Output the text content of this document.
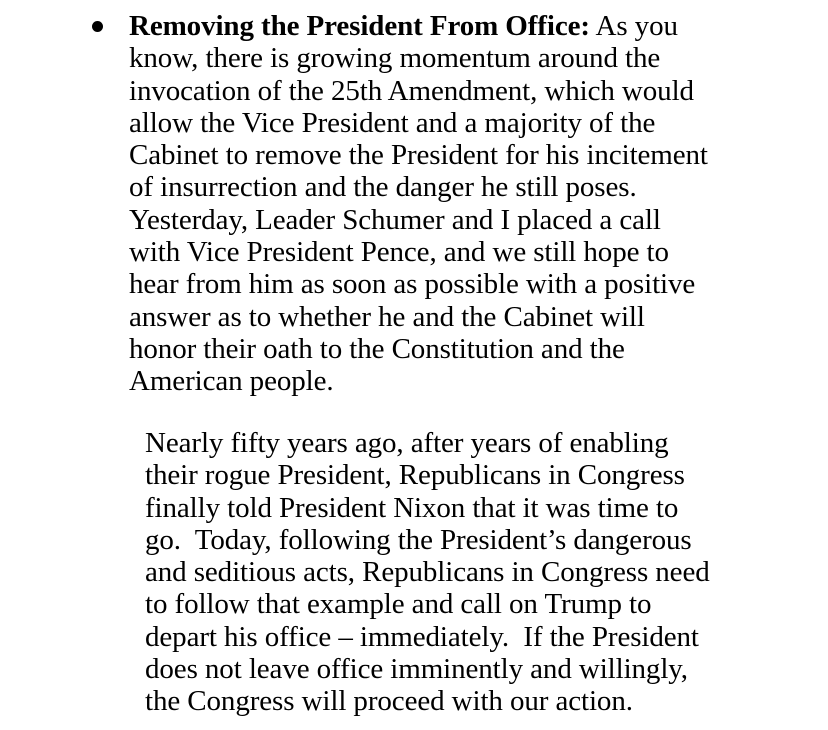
Removing the President From Office: As you
know, there is growing momentum around the
invocation of the 25th Amendment, which would
allow the Vice President and a majority of the
Cabinet to remove the President for his incitement
of insurrection and the danger he still poses.
Yesterday, Leader Schumer and I placed a call
with Vice President Pence, and we still hope to
hear from him as soon as possible with a positive
answer as to whether he and the Cabinet will
honor their oath to the Constitution and the
American people.
Nearly fifty years ago, after years of enabling
their rogue President, Republicans in Congress
finally told President Nixon that it was time to
go.  Today, following the President’s dangerous
and seditious acts, Republicans in Congress need
to follow that example and call on Trump to
depart his office – immediately.  If the President
does not leave office imminently and willingly,
the Congress will proceed with our action.
